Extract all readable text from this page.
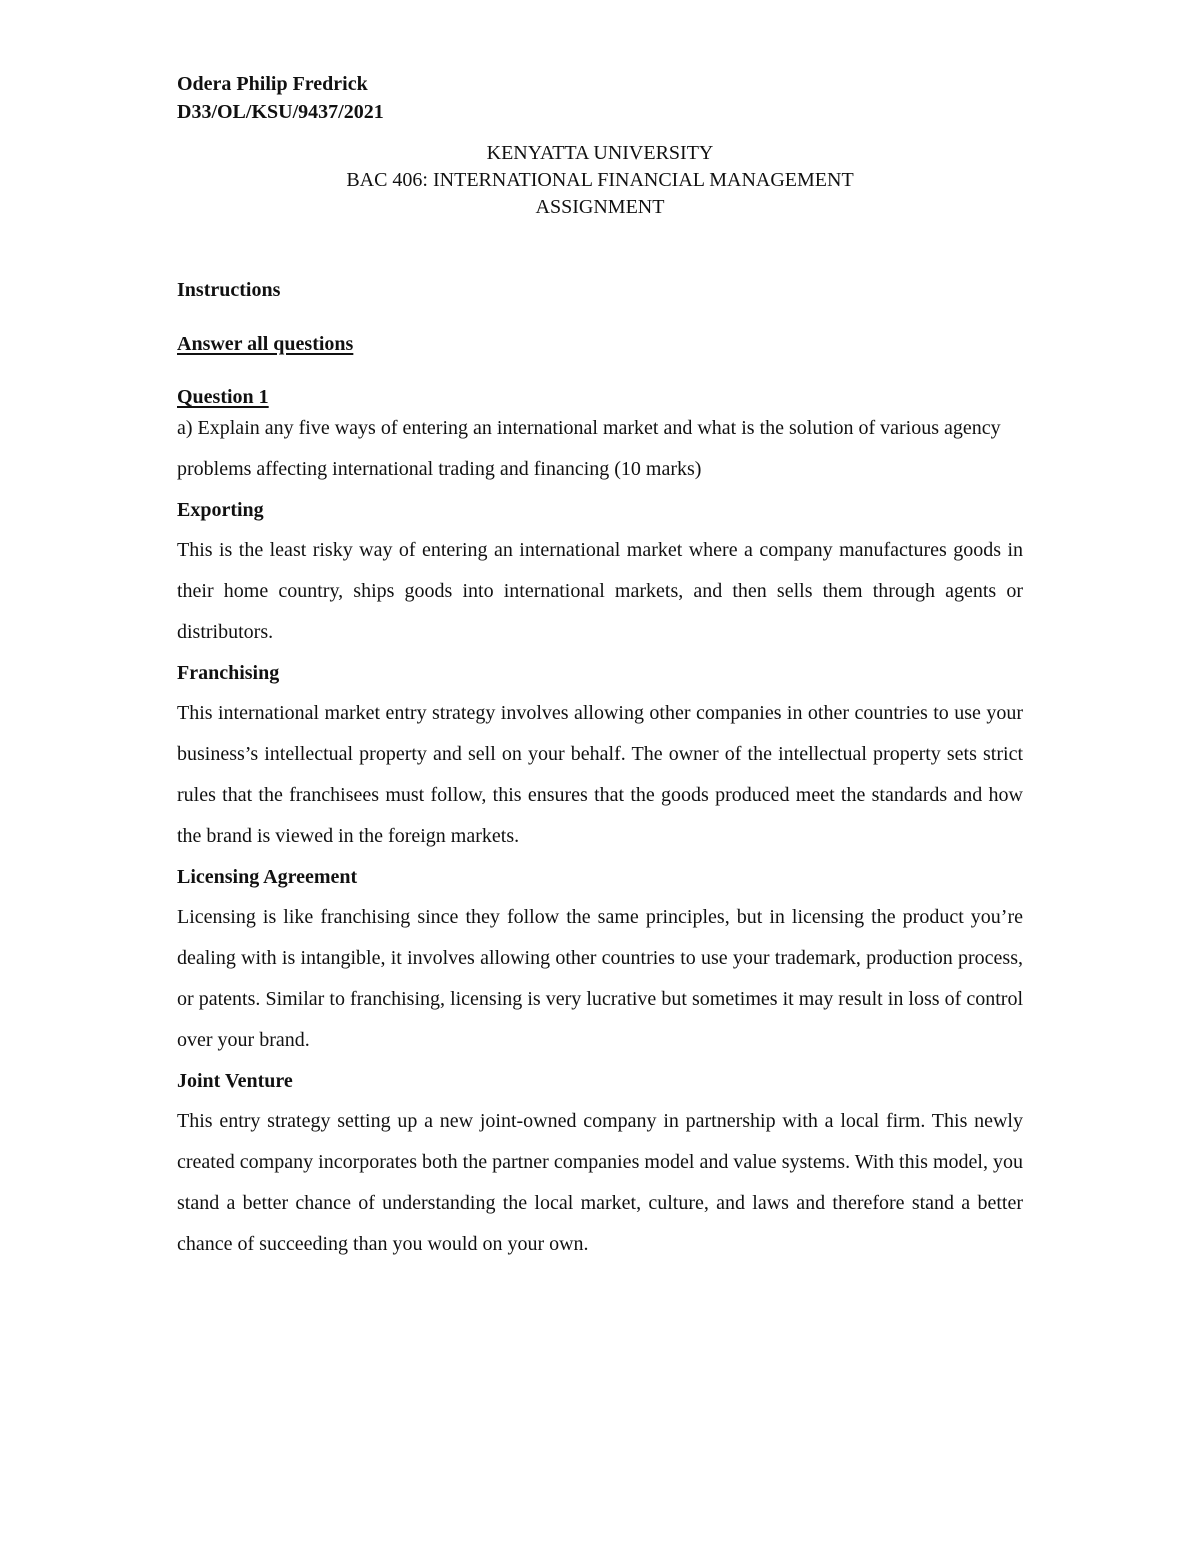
Odera Philip Fredrick
D33/OL/KSU/9437/2021
KENYATTA UNIVERSITY
BAC 406: INTERNATIONAL FINANCIAL MANAGEMENT
ASSIGNMENT
Instructions
Answer all questions
Question 1

a) Explain any five ways of entering an international market and what is the solution of various agency problems affecting international trading and financing (10 marks)

Exporting

This is the least risky way of entering an international market where a company manufactures goods in their home country, ships goods into international markets, and then sells them through agents or distributors.

Franchising

This international market entry strategy involves allowing other companies in other countries to use your business’s intellectual property and sell on your behalf. The owner of the intellectual property sets strict rules that the franchisees must follow, this ensures that the goods produced meet the standards and how the brand is viewed in the foreign markets.

Licensing Agreement

Licensing is like franchising since they follow the same principles, but in licensing the product you’re dealing with is intangible, it involves allowing other countries to use your trademark, production process, or patents. Similar to franchising, licensing is very lucrative but sometimes it may result in loss of control over your brand.

Joint Venture

This entry strategy setting up a new joint-owned company in partnership with a local firm. This newly created company incorporates both the partner companies model and value systems. With this model, you stand a better chance of understanding the local market, culture, and laws and therefore stand a better chance of succeeding than you would on your own.
